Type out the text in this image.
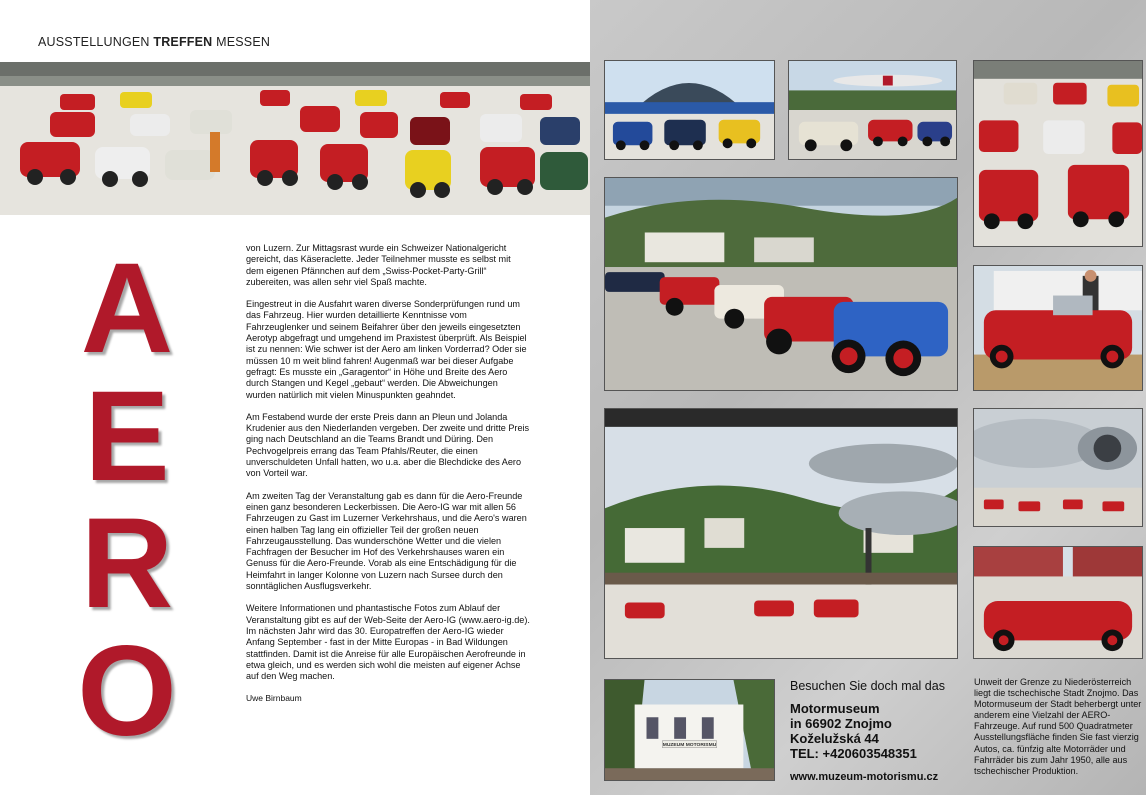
AUSSTELLUNGEN TREFFEN MESSEN
A
E
R
O

von Luzern. Zur Mittagsrast wurde ein Schweizer Nationalgericht gereicht, das Käseraclette. Jeder Teilnehmer musste es selbst mit dem eigenen Pfännchen auf dem „Swiss-Pocket-Party-Grill“ zubereiten, was allen sehr viel Spaß machte.

Eingestreut in die Ausfahrt waren diverse Sonderprüfungen rund um das Fahrzeug. Hier wurden detaillierte Kenntnisse vom Fahrzeuglenker und seinem Beifahrer über den jeweils eingesetzten Aerotyp abgefragt und umgehend im Praxistest überprüft. Als Beispiel ist zu nennen: Wie schwer ist der Aero am linken Vorderrad? Oder sie müssen 10 m weit blind fahren! Augenmaß war bei dieser Aufgabe gefragt: Es musste ein „Garagentor“ in Höhe und Breite des Aero durch Stangen und Kegel „gebaut“ werden. Die Abweichungen wurden natürlich mit vielen Minuspunkten geahndet.

Am Festabend wurde der erste Preis dann an Pleun und Jolanda Krudenier aus den Niederlanden vergeben. Der zweite und dritte Preis ging nach Deutschland an die Teams Brandt und Düring. Den Pechvogelpreis errang das Team Pfahls/Reuter, die einen unverschuldeten Unfall hatten, wo u.a. aber die Blechdicke des Aero von Vorteil war.

Am zweiten Tag der Veranstaltung gab es dann für die Aero-Freunde einen ganz besonderen Leckerbissen. Die Aero-IG war mit allen 56 Fahrzeugen zu Gast im Luzerner Verkehrshaus, und die Aero's waren einen halben Tag lang ein offizieller Teil der großen neuen Fahrzeugausstellung. Das wunderschöne Wetter und die vielen Fachfragen der Besucher im Hof des Verkehrshauses waren ein Genuss für die Aero-Freunde. Vorab als eine Entschädigung für die Heimfahrt in langer Kolonne von Luzern nach Sursee durch den sonntäglichen Ausflugsverkehr.

Weitere Informationen und phantastische Fotos zum Ablauf der Veranstaltung gibt es auf der Web-Seite der Aero-IG (www.aero-ig.de). Im nächsten Jahr wird das 30. Europatreffen der Aero-IG wieder Anfang September - fast in der Mitte Europas - in Bad Wildungen stattfinden. Damit ist die Anreise für alle Europäischen Aerofreunde in etwa gleich, und es werden sich wohl die meisten auf eigener Achse auf den Weg machen.

Uwe Birnbaum
MUZEUM MOTORISMU
Besuchen Sie doch mal das
Motormuseum
in 66902 Znojmo
Koželužská 44
TEL: +420603548351
www.muzeum-motorismu.cz
Unweit der Grenze zu Niederösterreich liegt die tschechische Stadt Znojmo. Das Motormuseum der Stadt beherbergt unter anderem eine Vielzahl der AERO-Fahrzeuge. Auf rund 500 Quadratmeter Ausstellungsfläche finden Sie fast vierzig Autos, ca. fünfzig alte Motorräder und Fahrräder bis zum Jahr 1950, alle aus tschechischer Produktion.
